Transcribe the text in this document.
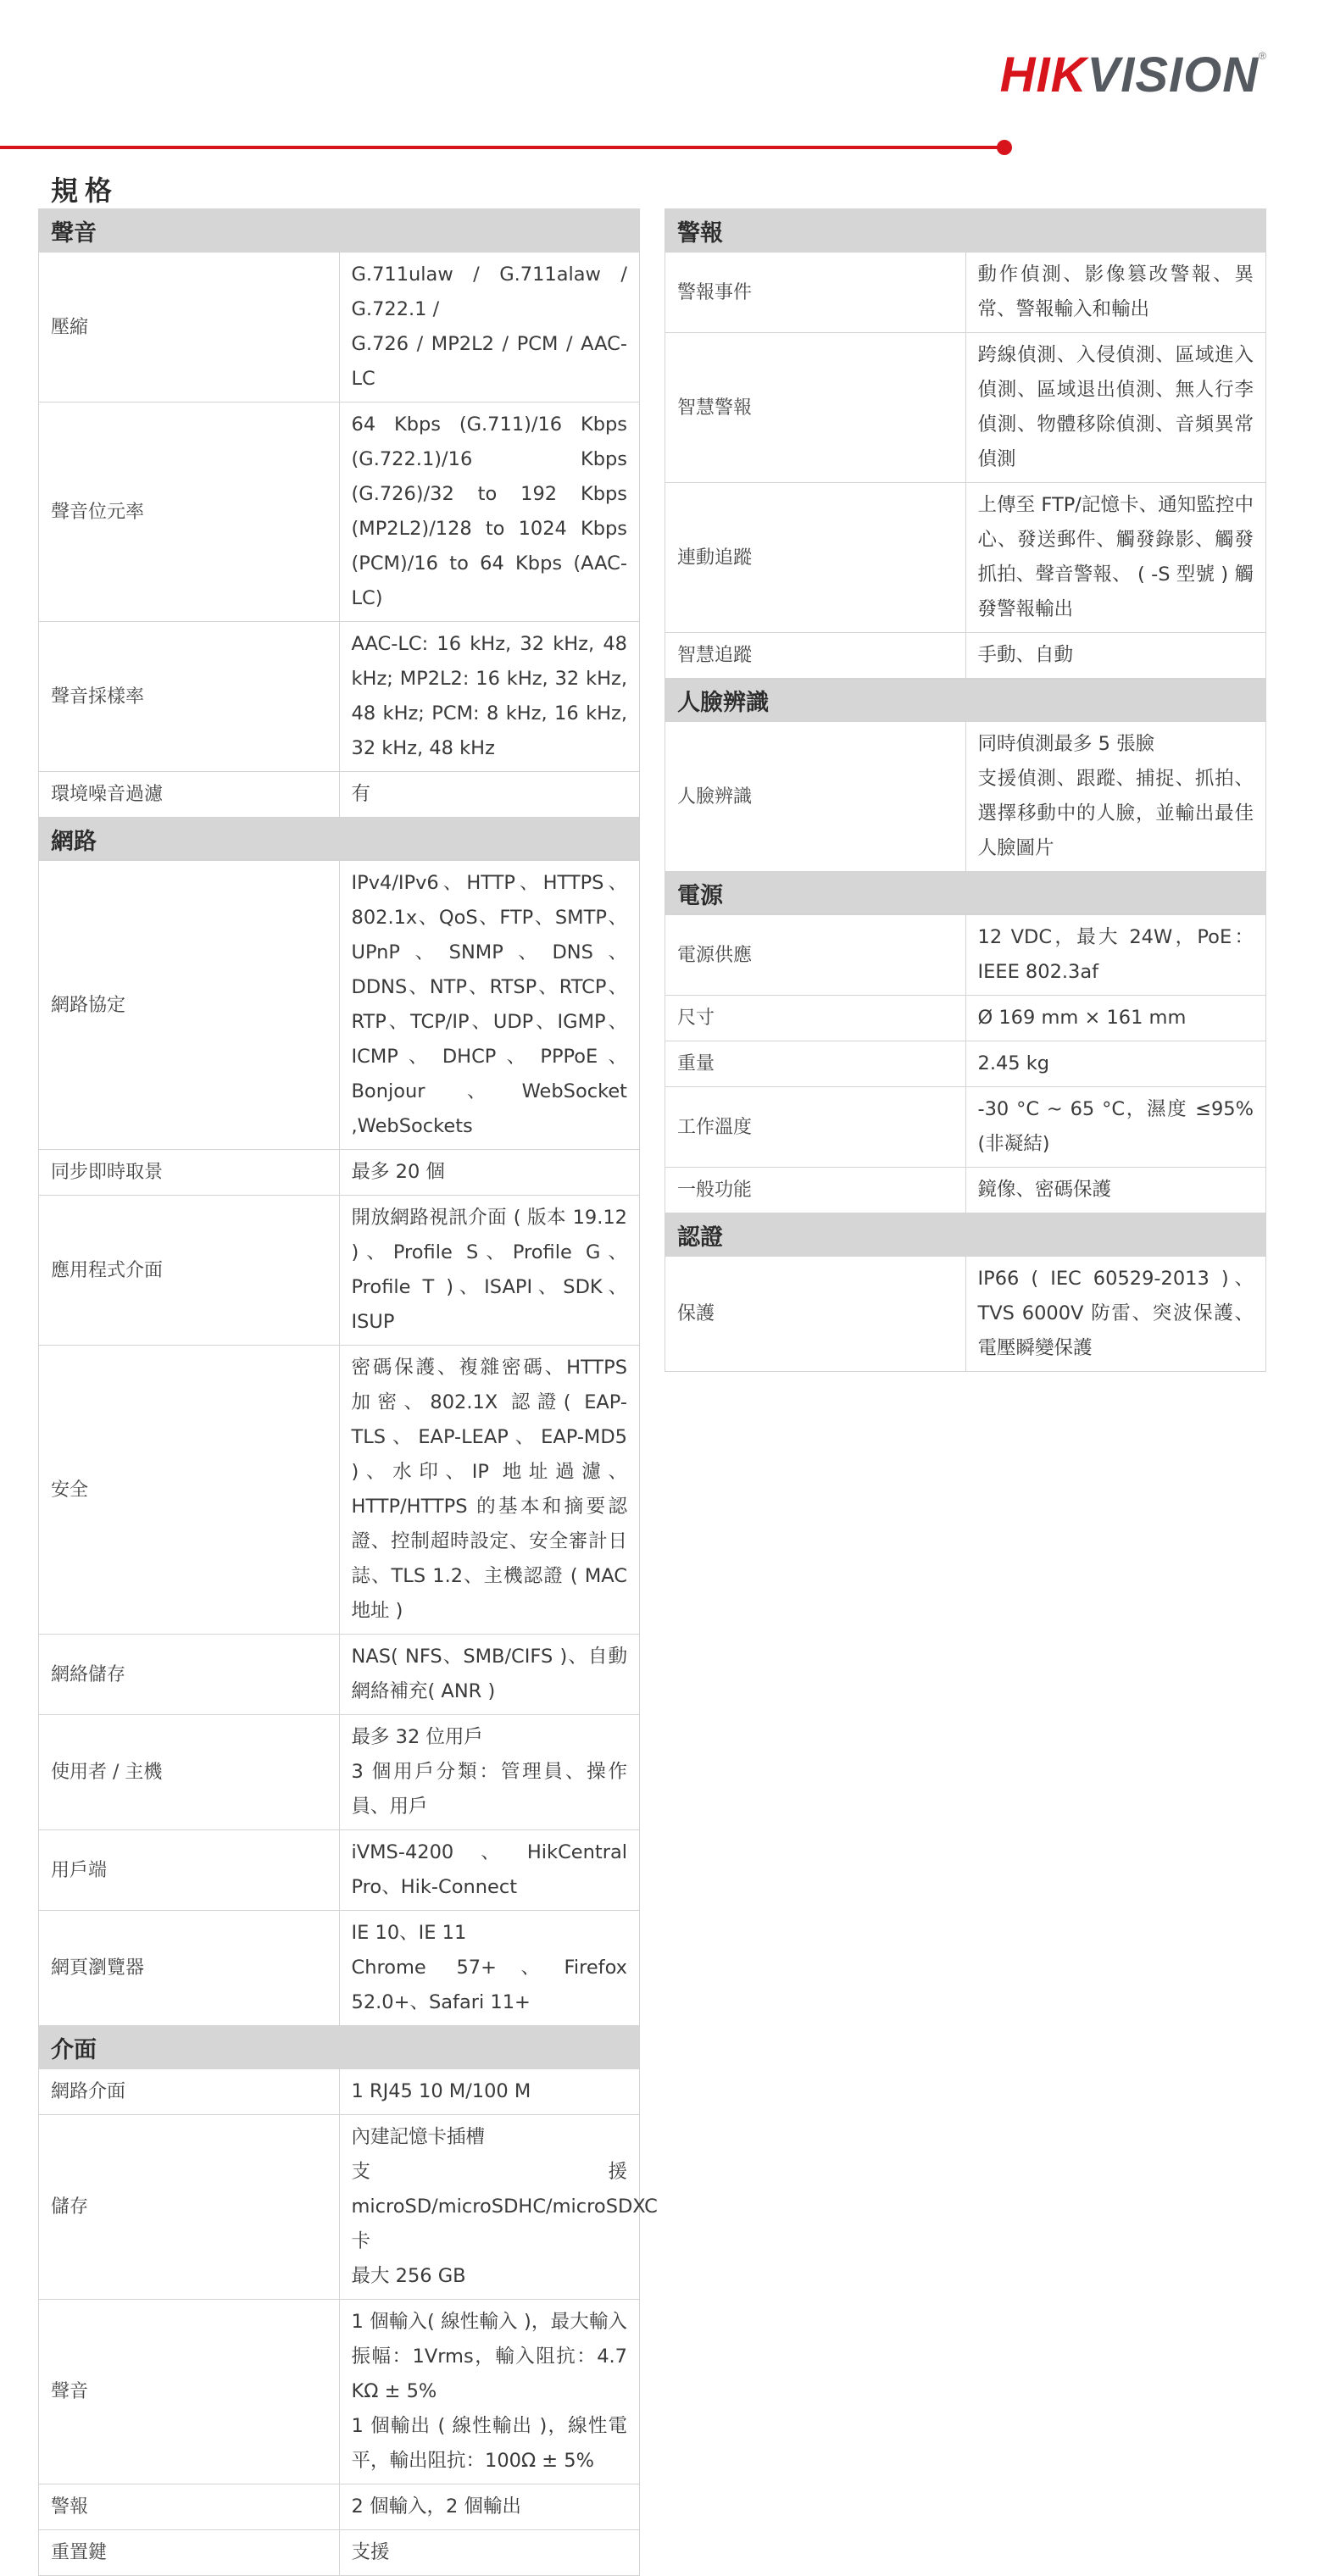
HIKVISION®
規格
聲音	
壓縮	G.711ulaw / G.711alaw / G.722.1 /
G.726 / MP2L2 / PCM / AAC-LC

聲音位元率	64 Kbps (G.711)/16 Kbps (G.722.1)/16 Kbps (G.726)/32 to 192 Kbps (MP2L2)/128 to 1024 Kbps (PCM)/16 to 64 Kbps (AAC-LC)

聲音採樣率	AAC-LC: 16 kHz, 32 kHz, 48 kHz; MP2L2: 16 kHz, 32 kHz, 48 kHz; PCM: 8 kHz, 16 kHz, 32 kHz, 48 kHz

環境噪音過濾	有

網路	
網路協定	IPv4/IPv6、HTTP、HTTPS、802.1x、QoS、FTP、SMTP、UPnP、SNMP、DNS、DDNS、NTP、RTSP、RTCP、RTP、TCP/IP、UDP、IGMP、ICMP 、 DHCP 、 PPPoE 、 Bonjour 、WebSocket ,WebSockets

同步即時取景	最多 20 個

應用程式介面	開放網路視訊介面 ( 版本 19.12 )、Profile S、Profile G、Profile T )、ISAPI、SDK、ISUP

安全	密碼保護、複雜密碼、HTTPS 加密、802.1X 認證( EAP-TLS、EAP-LEAP、EAP-MD5 )、水印、IP 地址過濾、HTTP/HTTPS 的基本和摘要認證、控制超時設定、安全審計日誌、TLS 1.2、主機認證 ( MAC 地址 )

網絡儲存	NAS( NFS、SMB/CIFS )、自動網絡補充( ANR )

使用者 / 主機	最多 32 位用戶
3 個用戶分類：管理員、操作員、用戶

用戶端	iVMS-4200、HikCentral Pro、Hik-Connect

網頁瀏覽器	IE 10、IE 11
Chrome 57+、Firefox 52.0+、Safari 11+

介面	
網路介面	1 RJ45 10 M/100 M

儲存	內建記憶卡插槽
支援 microSD/microSDHC/microSDXC 卡
最大 256 GB

聲音	1 個輸入( 線性輸入 )，最大輸入振幅：1Vrms，輸入阻抗：4.7 KΩ ± 5%
1 個輸出 ( 線性輸出 )，線性電平，輸出阻抗：100Ω ± 5%

警報	2 個輸入，2 個輸出

重置鍵	支援
警報	
警報事件	動作偵測、影像篡改警報、異常、警報輸入和輸出

智慧警報	跨線偵測、入侵偵測、區域進入偵測、區域退出偵測、無人行李偵測、物體移除偵測、音頻異常偵測

連動追蹤	上傳至 FTP/記憶卡、通知監控中心、發送郵件、觸發錄影、觸發抓拍、聲音警報、 ( -S 型號 ) 觸發警報輸出

智慧追蹤	手動、自動

人臉辨識	
人臉辨識	同時偵測最多 5 張臉
支援偵測、跟蹤、捕捉、抓拍、選擇移動中的人臉，並輸出最佳人臉圖片

電源	
電源供應	12 VDC，最大 24W，PoE：IEEE 802.3af

尺寸	Ø 169 mm × 161 mm

重量	2.45 kg

工作溫度	-30 °C ~ 65 °C，濕度 ≤95% (非凝結)

一般功能	鏡像、密碼保護

認證	
保護	IP66 ( IEC 60529-2013 )、TVS 6000V 防雷、突波保護、電壓瞬變保護
